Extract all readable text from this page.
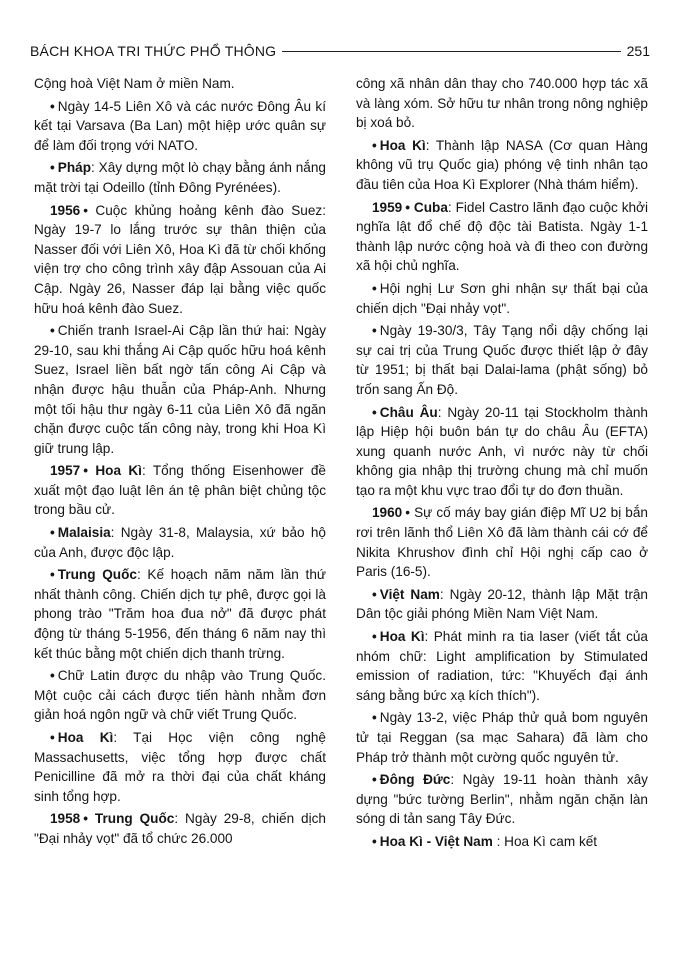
BÁCH KHOA TRI THỨC PHỔ THÔNG	251

Cộng hoà Việt Nam ở miền Nam.

• Ngày 14-5 Liên Xô và các nước Đông Âu kí kết tại Varsava (Ba Lan) một hiệp ước quân sự để làm đối trọng với NATO.

• Pháp: Xây dựng một lò chạy bằng ánh nắng mặt trời tại Odeillo (tỉnh Đông Pyrénées).

1956 • Cuộc khủng hoảng kênh đào Suez: Ngày 19-7 lo lắng trước sự thân thiện của Nasser đối với Liên Xô, Hoa Kì đã từ chối khống viện trợ cho công trình xây đập Assouan của Ai Cập. Ngày 26, Nasser đáp lại bằng việc quốc hữu hoá kênh đào Suez.

• Chiến tranh Israel-Ai Cập lần thứ hai: Ngày 29-10, sau khi thắng Ai Cập quốc hữu hoá kênh Suez, Israel liền bất ngờ tấn công Ai Cập và nhận được hậu thuẫn của Pháp-Anh. Nhưng một tối hậu thư ngày 6-11 của Liên Xô đã ngăn chặn được cuộc tấn công này, trong khi Hoa Kì giữ trung lập.

1957 • Hoa Kì: Tổng thống Eisenhower đề xuất một đạo luật lên án tệ phân biệt chủng tộc trong bầu cử.

• Malaisia: Ngày 31-8, Malaysia, xứ bảo hộ của Anh, được độc lập.

• Trung Quốc: Kế hoạch năm năm lần thứ nhất thành công. Chiến dịch tự phê, được gọi là phong trào "Trăm hoa đua nở" đã được phát động từ tháng 5-1956, đến tháng 6 năm nay thì kết thúc bằng một chiến dịch thanh trừng.

• Chữ Latin được du nhập vào Trung Quốc. Một cuộc cải cách được tiến hành nhằm đơn giản hoá ngôn ngữ và chữ viết Trung Quốc.

• Hoa Kì: Tại Học viện công nghệ Massachusetts, việc tổng hợp được chất Penicilline đã mở ra thời đại của chất kháng sinh tổng hợp.

1958 • Trung Quốc: Ngày 29-8, chiến dịch "Đại nhảy vọt" đã tổ chức 26.000

công xã nhân dân thay cho 740.000 hợp tác xã và làng xóm. Sở hữu tư nhân trong nông nghiệp bị xoá bỏ.

• Hoa Kì: Thành lập NASA (Cơ quan Hàng không vũ trụ Quốc gia) phóng vệ tinh nhân tạo đầu tiên của Hoa Kì Explorer (Nhà thám hiểm).

1959 • Cuba: Fidel Castro lãnh đạo cuộc khởi nghĩa lật đổ chế độ độc tài Batista. Ngày 1-1 thành lập nước cộng hoà và đi theo con đường xã hội chủ nghĩa.

• Hội nghị Lư Sơn ghi nhận sự thất bại của chiến dịch "Đại nhảy vọt".

• Ngày 19-30/3, Tây Tạng nổi dậy chống lại sự cai trị của Trung Quốc được thiết lập ở đây từ 1951; bị thất bại Dalai-lama (phật sống) bỏ trốn sang Ấn Độ.

• Châu Âu: Ngày 20-11 tại Stockholm thành lập Hiệp hội buôn bán tự do châu Âu (EFTA) xung quanh nước Anh, vì nước này từ chối không gia nhập thị trường chung mà chỉ muốn tạo ra một khu vực trao đổi tự do đơn thuần.

1960 • Sự cố máy bay gián điệp Mĩ U2 bị bắn rơi trên lãnh thổ Liên Xô đã làm thành cái cớ để Nikita Khrushov đình chỉ Hội nghị cấp cao ở Paris (16-5).

• Việt Nam: Ngày 20-12, thành lập Mặt trận Dân tộc giải phóng Miền Nam Việt Nam.

• Hoa Kì: Phát minh ra tia laser (viết tắt của nhóm chữ: Light amplification by Stimulated emission of radiation, tức: "Khuyếch đại ánh sáng bằng bức xạ kích thích").

• Ngày 13-2, việc Pháp thử quả bom nguyên tử tại Reggan (sa mạc Sahara) đã làm cho Pháp trở thành một cường quốc nguyên tử.

• Đông Đức: Ngày 19-11 hoàn thành xây dựng "bức tường Berlin", nhằm ngăn chặn làn sóng di tản sang Tây Đức.

• Hoa Kì - Việt Nam : Hoa Kì cam kết
